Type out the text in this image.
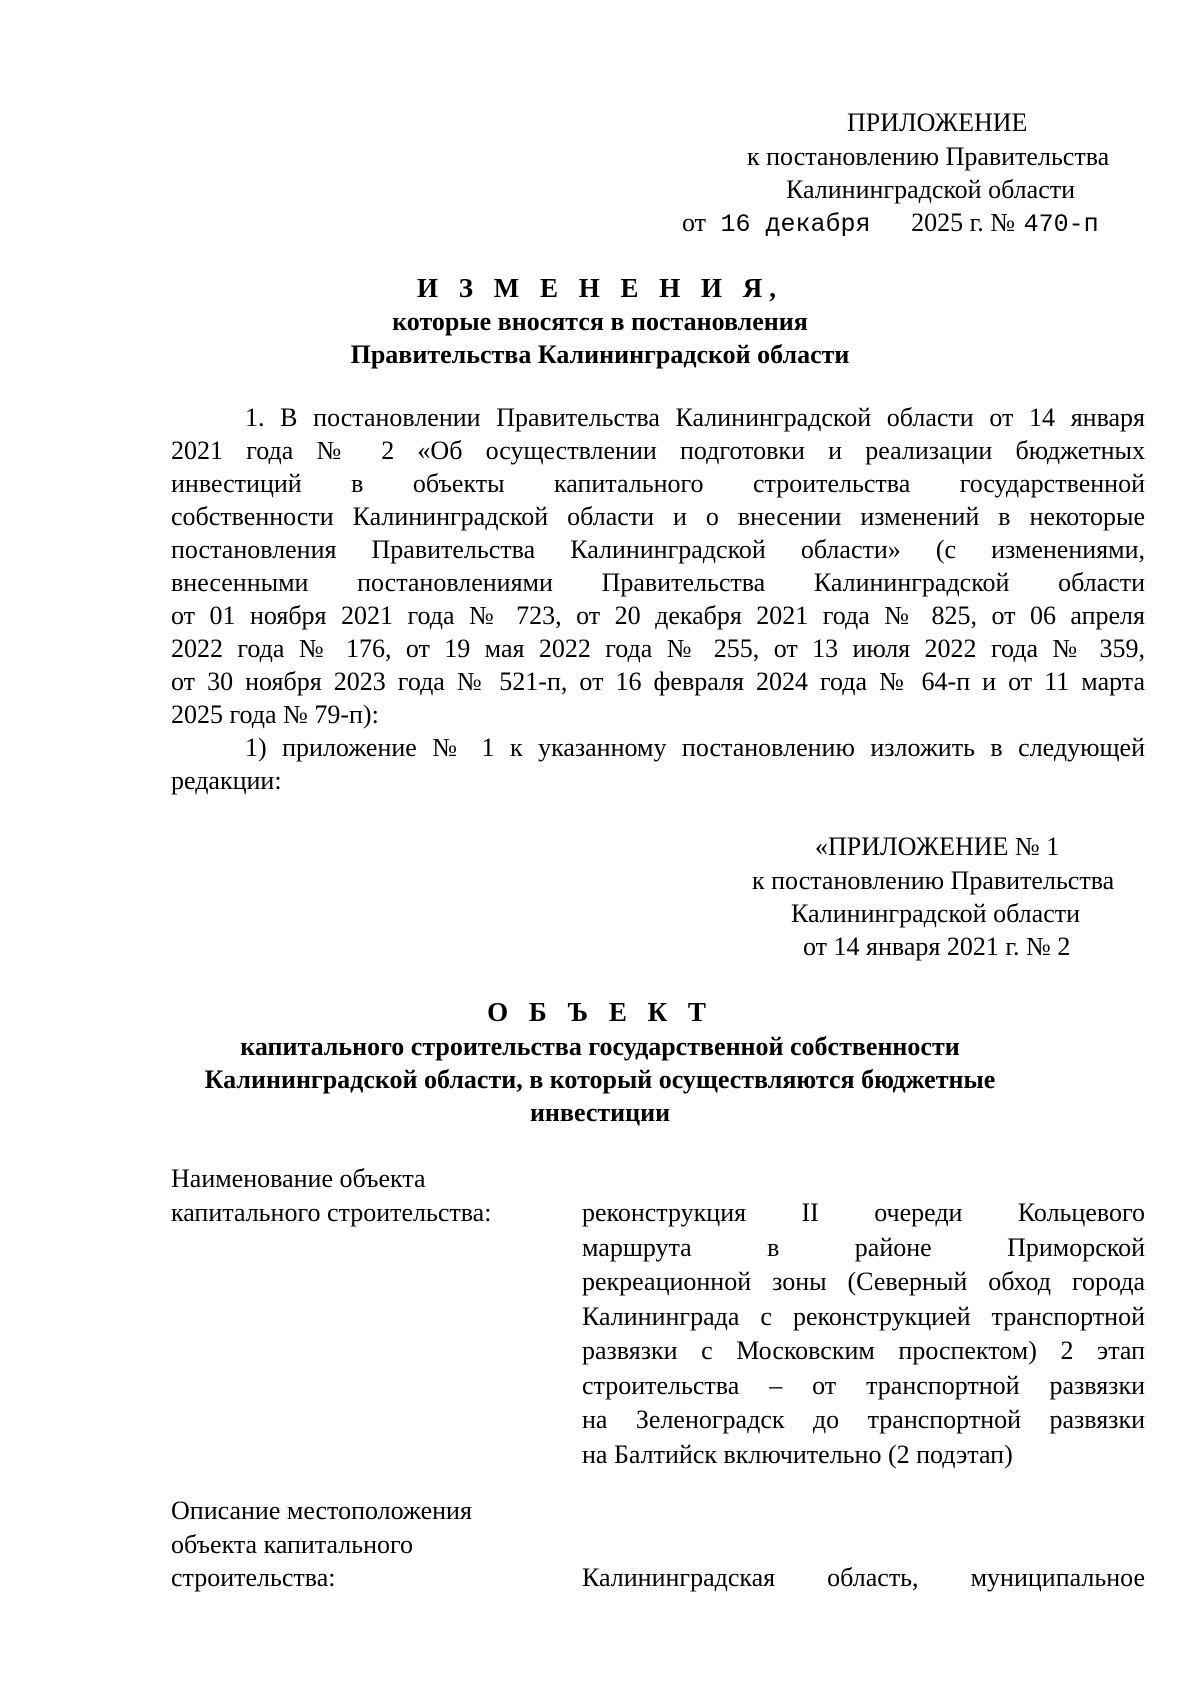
ПРИЛОЖЕНИЕ
к постановлению Правительства
Калининградской области
от 16 декабря 2025 г. № 470-п
И З М Е Н Е Н И Я,
которые вносятся в постановления
Правительства Калининградской области
1. В постановлении Правительства Калининградской области от 14 января
2021 года № 2 «Об осуществлении подготовки и реализации бюджетных
инвестиций в объекты капитального строительства государственной
собственности Калининградской области и о внесении изменений в некоторые
постановления Правительства Калининградской области» (с изменениями,
внесенными постановлениями Правительства Калининградской области
от 01 ноября 2021 года № 723, от 20 декабря 2021 года № 825, от 06 апреля
2022 года № 176, от 19 мая 2022 года № 255, от 13 июля 2022 года № 359,
от 30 ноября 2023 года № 521-п, от 16 февраля 2024 года № 64-п и от 11 марта
2025 года № 79-п):
1) приложение № 1 к указанному постановлению изложить в следующей
редакции:
«ПРИЛОЖЕНИЕ № 1
к постановлению Правительства
Калининградской области
от 14 января 2021 г. № 2
О Б Ъ Е К Т
капитального строительства государственной собственности
Калининградской области, в который осуществляются бюджетные
инвестиции
Наименование объекта
капитального строительства:	реконструкция II очереди Кольцевого
маршрута в районе Приморской
рекреационной зоны (Северный обход города
Калининграда с реконструкцией транспортной
развязки с Московским проспектом) 2 этап
строительства – от транспортной развязки
на Зеленоградск до транспортной развязки
на Балтийск включительно (2 подэтап)
Описание местоположения
объекта капитального
строительства:	Калининградская область, муниципальное
